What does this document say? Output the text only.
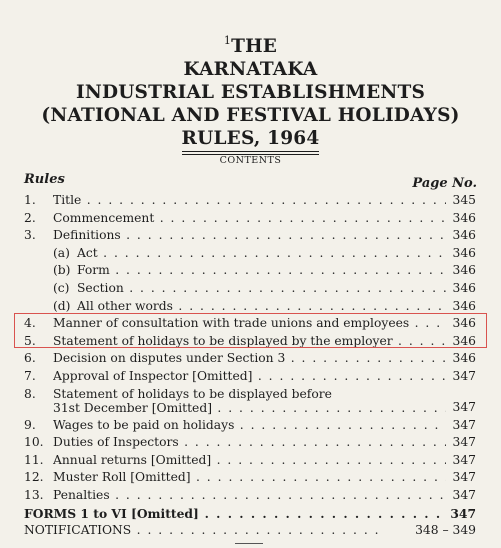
$^1$THE
KARNATAKA
INDUSTRIAL ESTABLISHMENTS
(NATIONAL AND FESTIVAL HOLIDAYS)
RULES, 1964
CONTENTS
Rules	Page No.
1. Title . . .	345
2. Commencement . . .	346
3. Definitions . . .	346
(a) Act . . .	346
(b) Form . . .	346
(c) Section . . .	346
(d) All other words . . .	346
4. Manner of consultation with trade unions and employees . . .	346
5. Statement of holidays to be displayed by the employer . . .	346
6. Decision on disputes under Section 3 . . .	346
7. Approval of Inspector [Omitted] . . .	347
8. Statement of holidays to be displayed before
31st December [Omitted] . . .	347
9. Wages to be paid on holidays . . .	347
10. Duties of Inspectors . . .	347
11. Annual returns [Omitted] . . .	347
12. Muster Roll [Omitted] . . .	347
13. Penalties . . .	347
FORMS 1 to VI [Omitted] . . .	347
NOTIFICATIONS . . .	348 – 349
